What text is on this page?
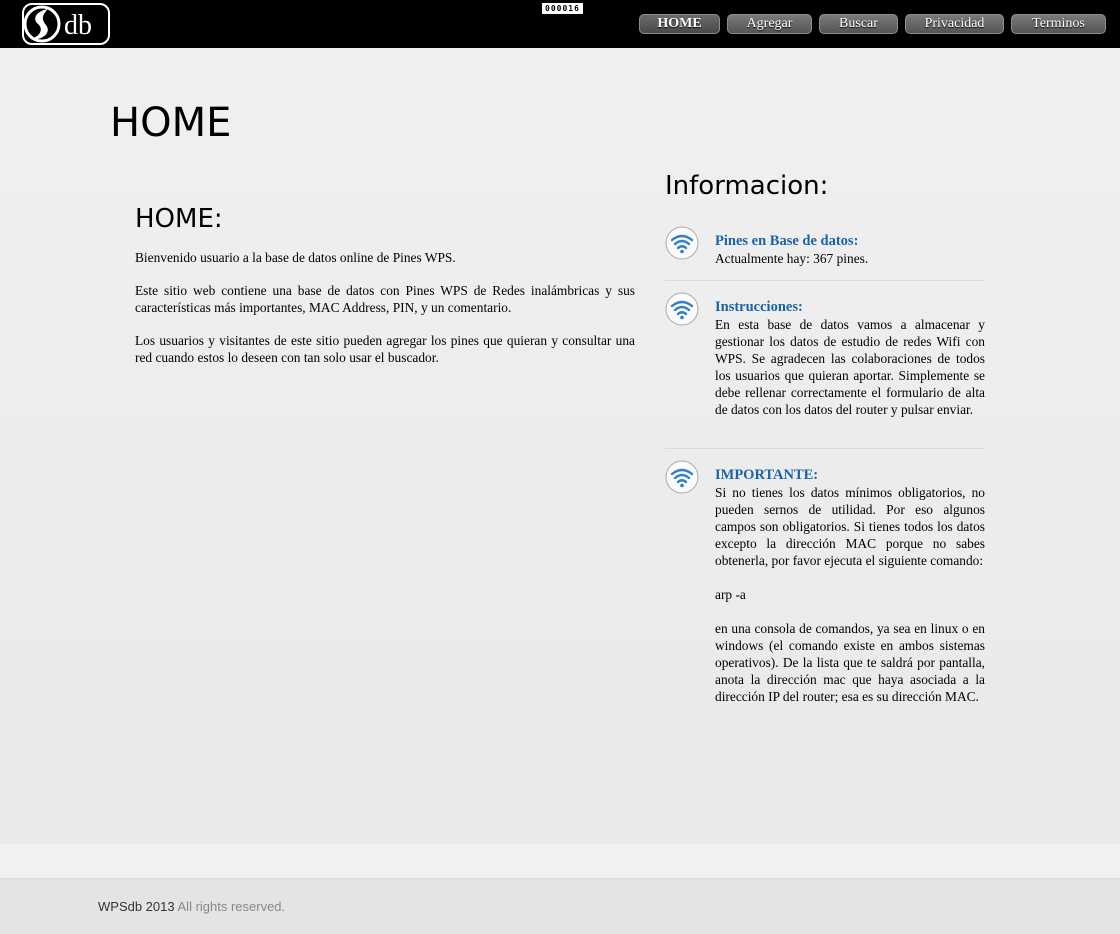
db
000016
HOME	Agregar	Buscar	Privacidad	Terminos
HOME
HOME:

Bienvenido usuario a la base de datos online de Pines WPS.

Este sitio web contiene una base de datos con Pines WPS de Redes inalámbricas y sus características más importantes, MAC Address, PIN, y un comentario.

Los usuarios y visitantes de este sitio pueden agregar los pines que quieran y consultar una red cuando estos lo deseen con tan solo usar el buscador.

Informacion:
Pines en Base de datos:
Actualmente hay: 367 pines.
Instrucciones:
En esta base de datos vamos a almacenar y gestionar los datos de estudio de redes Wifi con WPS. Se agradecen las colaboraciones de todos los usuarios que quieran aportar. Simplemente se debe rellenar correctamente el formulario de alta de datos con los datos del router y pulsar enviar.
IMPORTANTE:
Si no tienes los datos mínimos obligatorios, no pueden sernos de utilidad. Por eso algunos campos son obligatorios. Si tienes todos los datos excepto la dirección MAC porque no sabes obtenerla, por favor ejecuta el siguiente comando:

arp -a

en una consola de comandos, ya sea en linux o en windows (el comando existe en ambos sistemas operativos). De la lista que te saldrá por pantalla, anota la dirección mac que haya asociada a la dirección IP del router; esa es su dirección MAC.
WPSdb 2013 All rights reserved.
